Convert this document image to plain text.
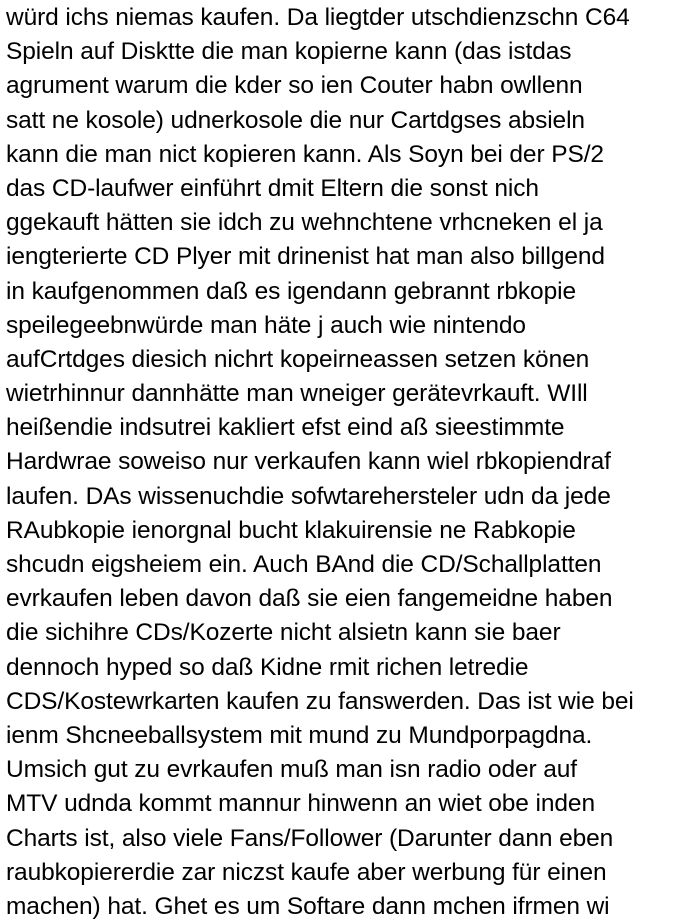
würd ichs niemas kaufen. Da liegtder utschdienzschn C64
Spieln auf Disktte die man kopierne kann (das istdas
agrument warum die kder so ien Couter habn owllenn
satt ne kosole) udnerkosole die nur Cartdgses absieln
kann die man nict kopieren kann. Als Soyn bei der PS/2
das CD-laufwer einführt dmit Eltern die sonst nich
ggekauft hätten sie idch zu wehnchtene vrhcneken el ja
iengterierte CD Plyer mit drinenist hat man also billgend
in kaufgenommen daß es igendann gebrannt rbkopie
speilegeebnwürde man häte j auch wie nintendo
aufCrtdges diesich nichrt kopeirneassen setzen könen
wietrhinnur dannhätte man wneiger gerätevrkauft. WIll
heißendie indsutrei kakliert efst eind aß sieestimmte
Hardwrae soweiso nur verkaufen kann wiel rbkopiendraf
laufen. DAs wissenuchdie sofwtarehersteler udn da jede
RAubkopie ienorgnal bucht klakuirensie ne Rabkopie
shcudn eigsheiem ein. Auch BAnd die CD/Schallplatten
evrkaufen leben davon daß sie eien fangemeidne haben
die sichihre CDs/Kozerte nicht alsietn kann sie baer
dennoch hyped so daß Kidne rmit richen letredie
CDS/Kostewrkarten kaufen zu fanswerden. Das ist wie bei
ienm Shcneeballsystem mit mund zu Mundporpagdna.
Umsich gut zu evrkaufen muß man isn radio oder auf
MTV udnda kommt mannur hinwenn an wiet obe inden
Charts ist, also viele Fans/Follower (Darunter dann eben
raubkopiererdie zar niczst kaufe aber werbung für einen
machen) hat. Ghet es um Softare dann mchen ifrmen wi
